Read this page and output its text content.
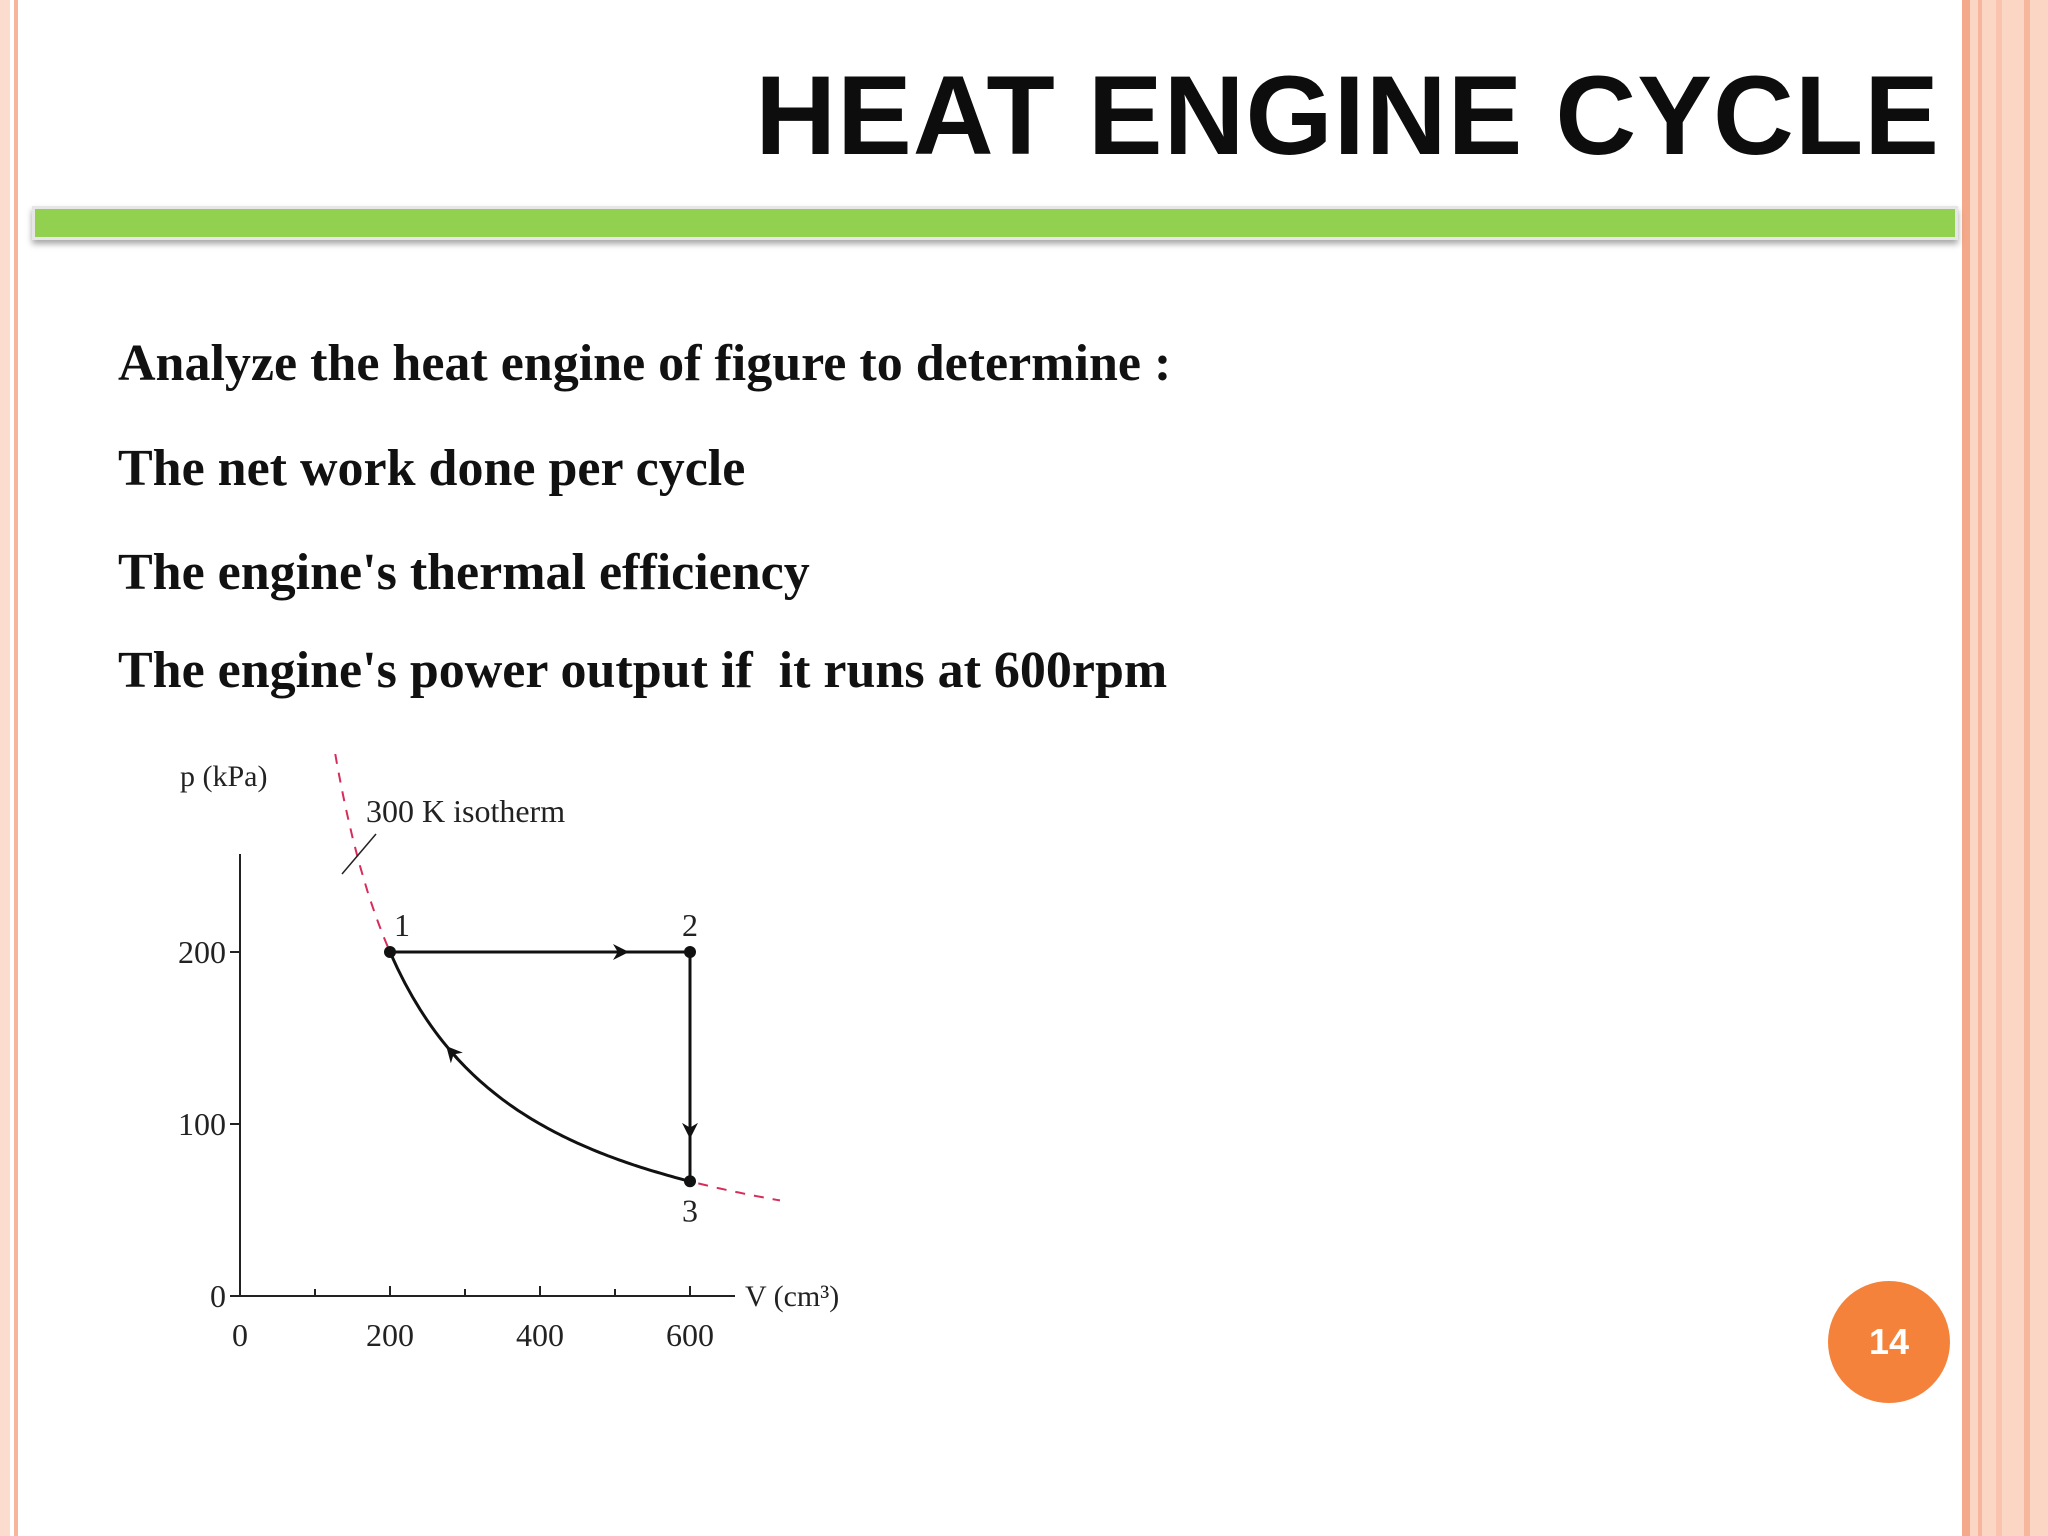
HEAT ENGINE CYCLE
Analyze the heat engine of figure to determine :
The net work done per cycle
The engine's thermal efficiency
The engine's power output if  it runs at 600rpm
0	200	400	600
0
100
200
V (cm³)
p (kPa)
300 K isotherm
1	2
3
14
